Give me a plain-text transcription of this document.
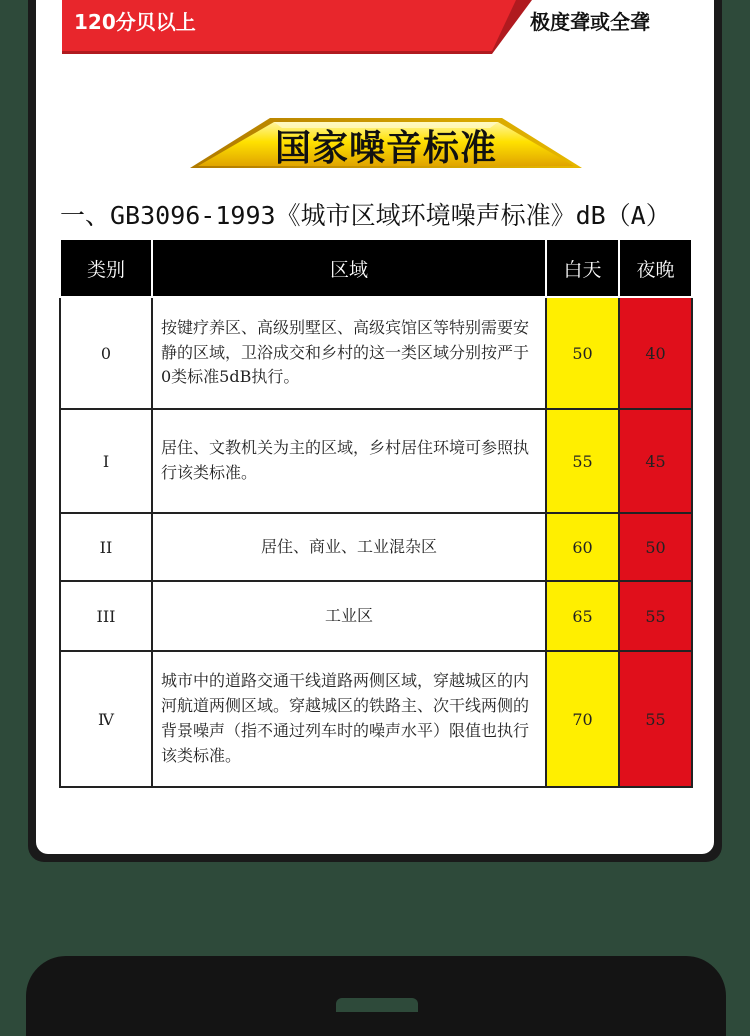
120分贝以上	极度聋或全聋
国家噪音标准
一、GB3096-1993《城市区域环境噪声标准》dB（A）
类别	区域	白天	夜晚
0	按键疗养区、高级别墅区、高级宾馆区等特别需要安静的区域，卫浴成交和乡村的这一类区域分别按严于0类标准5dB执行。	50	40
I	居住、文教机关为主的区域，乡村居住环境可参照执行该类标准。	55	45
II	居住、商业、工业混杂区	60	50
III	工业区	65	55
Ⅳ	城市中的道路交通干线道路两侧区域，穿越城区的内河航道两侧区域。穿越城区的铁路主、次干线两侧的背景噪声（指不通过列车时的噪声水平）限值也执行该类标准。	70	55
